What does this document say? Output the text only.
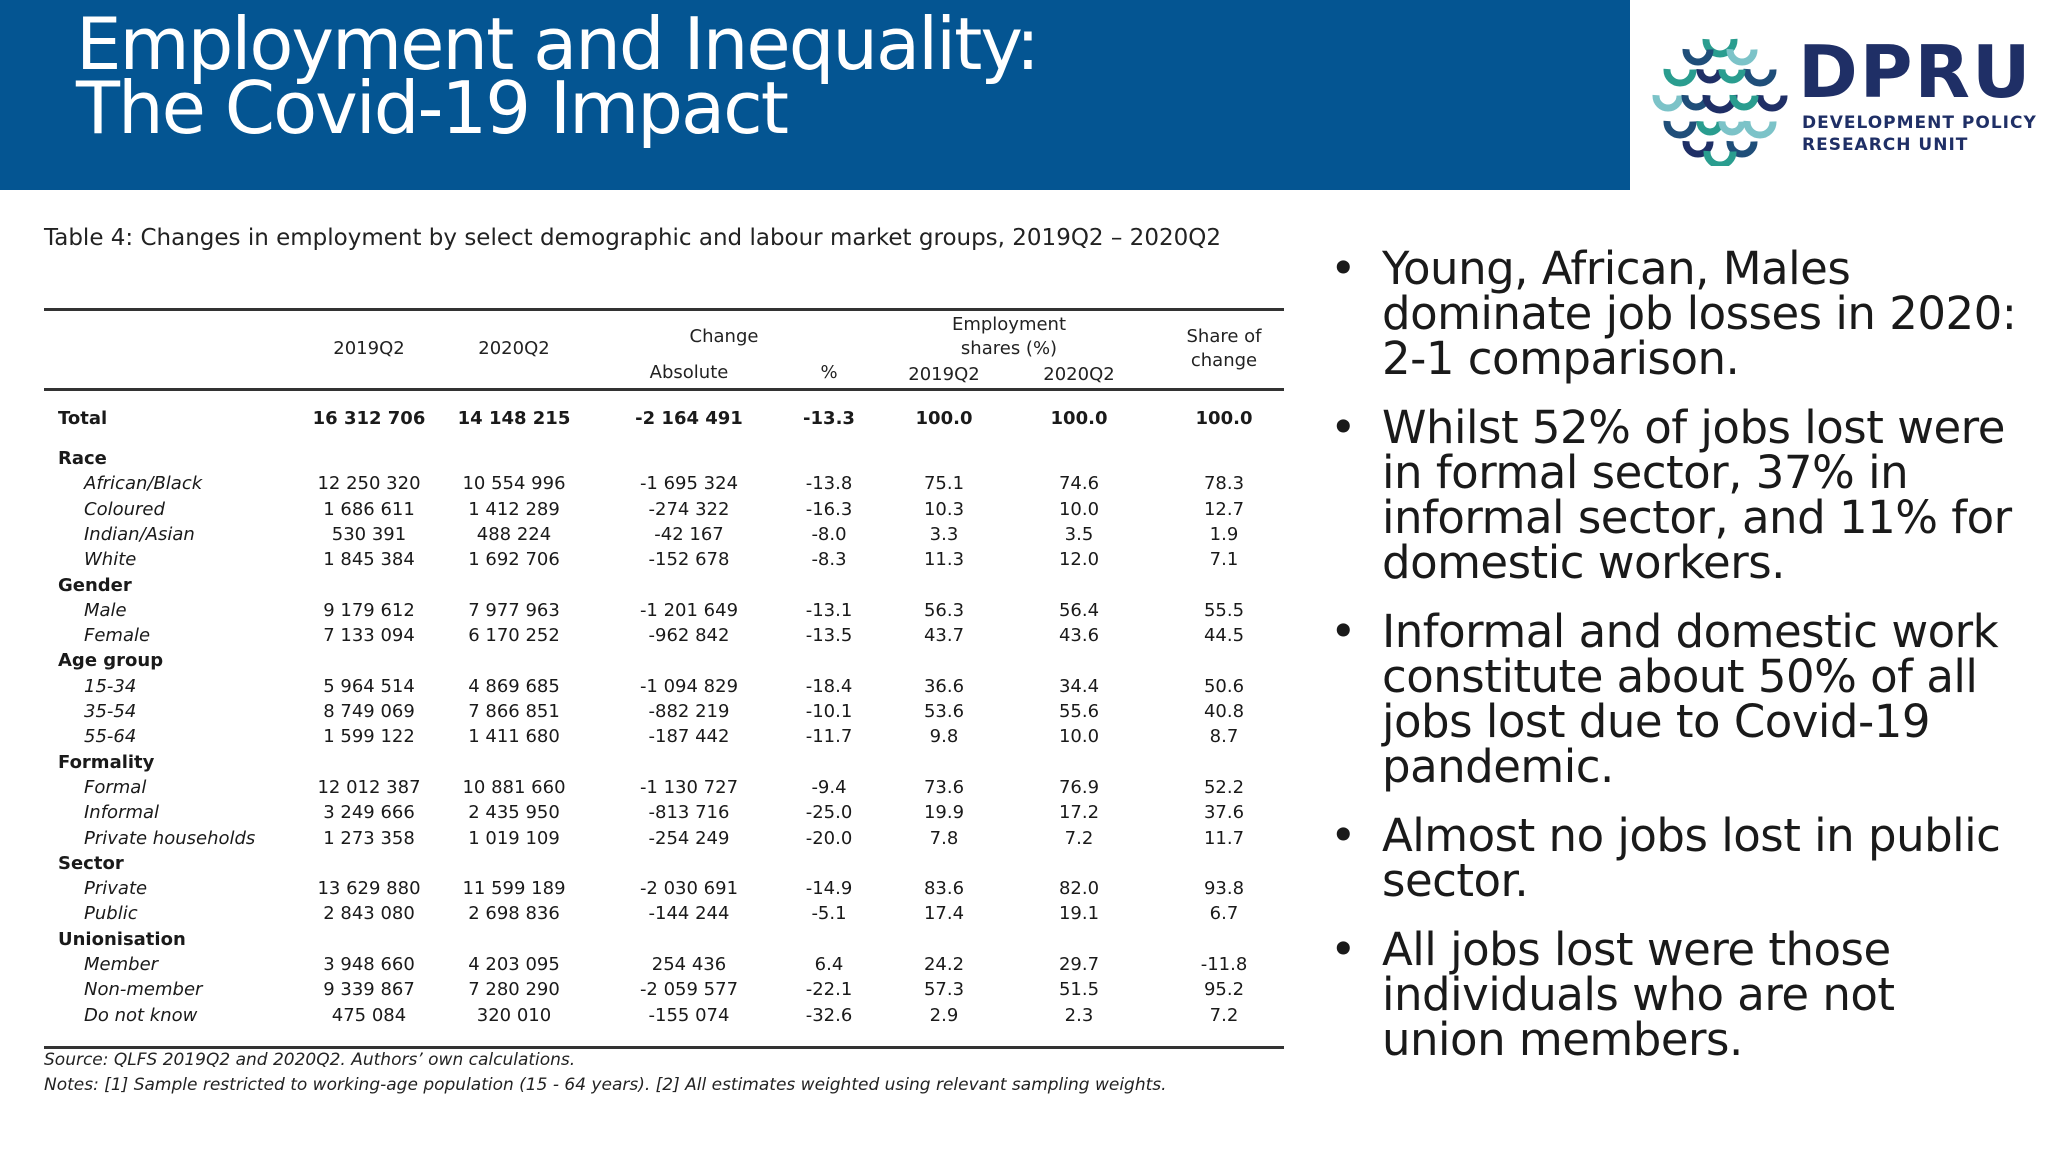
Employment and Inequality:
The Covid-19 Impact	DPRU
DEVELOPMENT POLICY
RESEARCH UNIT
Table 4: Changes in employment by select demographic and labour market groups, 2019Q2 – 2020Q2
2019Q2	2020Q2
Change
Absolute	%
Employment
shares (%)
2019Q2	2020Q2
Share of
change
Total	16 312 706	14 148 215	-2 164 491	-13.3	100.0	100.0	100.0
Race
African/Black	12 250 320	10 554 996	-1 695 324	-13.8	75.1	74.6	78.3
Coloured	1 686 611	1 412 289	-274 322	-16.3	10.3	10.0	12.7
Indian/Asian	530 391	488 224	-42 167	-8.0	3.3	3.5	1.9
White	1 845 384	1 692 706	-152 678	-8.3	11.3	12.0	7.1
Gender
Male	9 179 612	7 977 963	-1 201 649	-13.1	56.3	56.4	55.5
Female	7 133 094	6 170 252	-962 842	-13.5	43.7	43.6	44.5
Age group
15-34	5 964 514	4 869 685	-1 094 829	-18.4	36.6	34.4	50.6
35-54	8 749 069	7 866 851	-882 219	-10.1	53.6	55.6	40.8
55-64	1 599 122	1 411 680	-187 442	-11.7	9.8	10.0	8.7
Formality
Formal	12 012 387	10 881 660	-1 130 727	-9.4	73.6	76.9	52.2
Informal	3 249 666	2 435 950	-813 716	-25.0	19.9	17.2	37.6
Private households	1 273 358	1 019 109	-254 249	-20.0	7.8	7.2	11.7
Sector
Private	13 629 880	11 599 189	-2 030 691	-14.9	83.6	82.0	93.8
Public	2 843 080	2 698 836	-144 244	-5.1	17.4	19.1	6.7
Unionisation
Member	3 948 660	4 203 095	254 436	6.4	24.2	29.7	-11.8
Non-member	9 339 867	7 280 290	-2 059 577	-22.1	57.3	51.5	95.2
Do not know	475 084	320 010	-155 074	-32.6	2.9	2.3	7.2
Source: QLFS 2019Q2 and 2020Q2. Authors’ own calculations.
Notes: [1] Sample restricted to working-age population (15 - 64 years). [2] All estimates weighted using relevant sampling weights.
• Young, African, Males dominate job losses in 2020: 2-1 comparison.
• Whilst 52% of jobs lost were in formal sector, 37% in informal sector, and 11% for domestic workers.
• Informal and domestic work constitute about 50% of all jobs lost due to Covid-19 pandemic.
• Almost no jobs lost in public sector.
• All jobs lost were those individuals who are not union members.
